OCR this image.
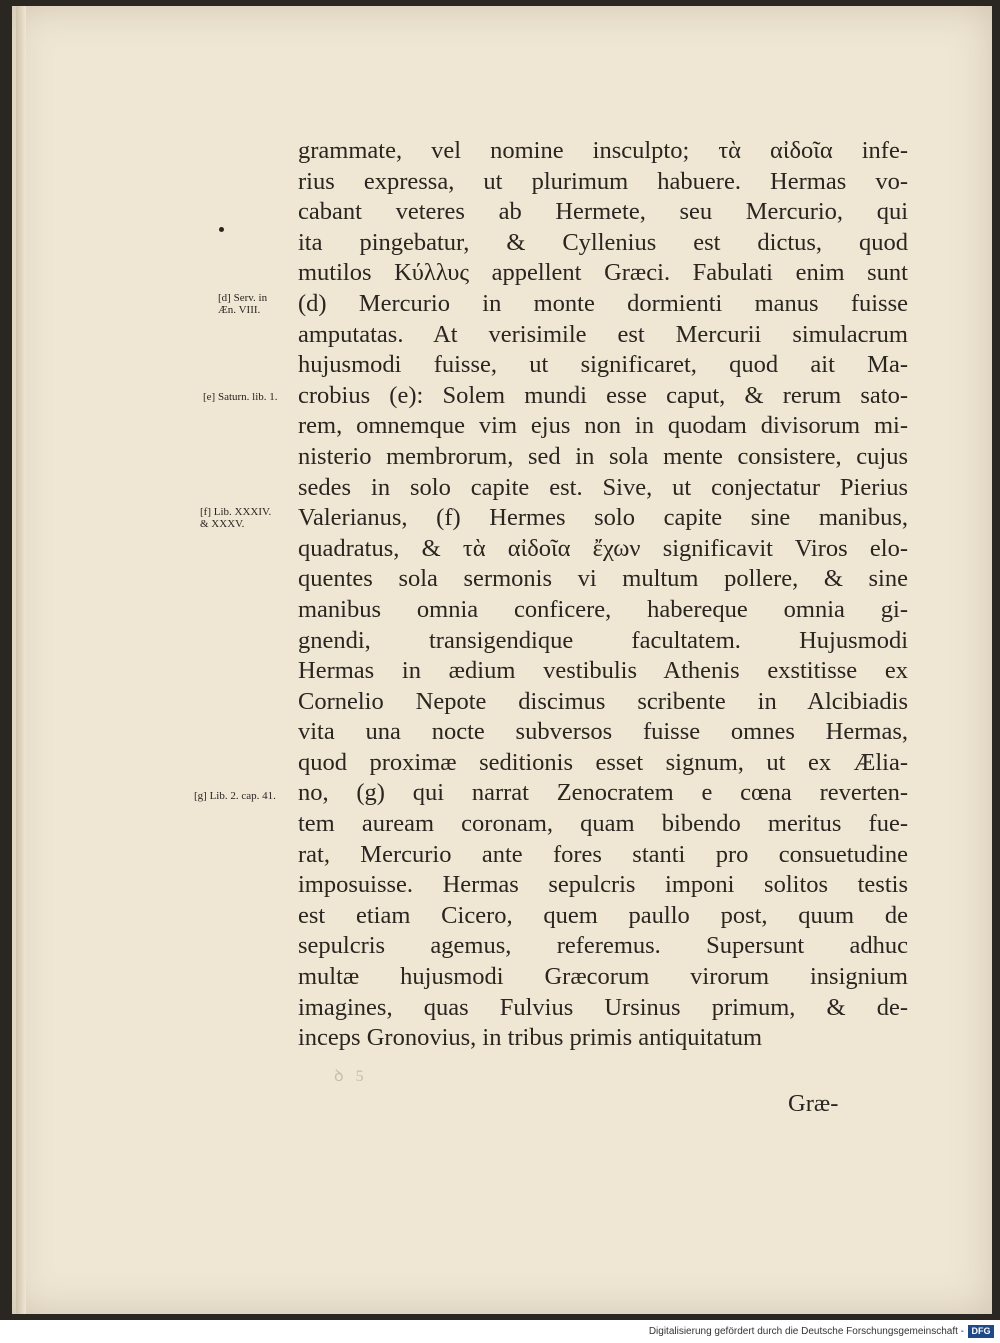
[d] Serv. in
Æn. VIII.
[e] Saturn. lib. 1.
[f] Lib. XXXIV.
& XXXV.
[g] Lib. 2. cap. 41.
grammate, vel nomine insculpto; τὰ αἰδοῖα infe-
rius expressa, ut plurimum habuere. Hermas vo-
cabant veteres ab Hermete, seu Mercurio, qui
ita pingebatur, & Cyllenius est dictus, quod
mutilos Κύλλυς appellent Græci. Fabulati enim sunt
(d) Mercurio in monte dormienti manus fuisse
amputatas. At verisimile est Mercurii simulacrum
hujusmodi fuisse, ut significaret, quod ait Ma-
crobius (e): Solem mundi esse caput, & rerum sato-
rem, omnemque vim ejus non in quodam divisorum mi-
nisterio membrorum, sed in sola mente consistere, cujus
sedes in solo capite est. Sive, ut conjectatur Pierius
Valerianus, (f) Hermes solo capite sine manibus,
quadratus, & τὰ αἰδοῖα ἔχων significavit Viros elo-
quentes sola sermonis vi multum pollere, & sine
manibus omnia conficere, habereque omnia gi-
gnendi, transigendique facultatem. Hujusmodi
Hermas in ædium vestibulis Athenis exstitisse ex
Cornelio Nepote discimus scribente in Alcibiadis
vita una nocte subversos fuisse omnes Hermas,
quod proximæ seditionis esset signum, ut ex Ælia-
no, (g) qui narrat Zenocratem e cœna reverten-
tem auream coronam, quam bibendo meritus fue-
rat, Mercurio ante fores stanti pro consuetudine
imposuisse. Hermas sepulcris imponi solitos testis
est etiam Cicero, quem paullo post, quum de
sepulcris agemus, referemus. Supersunt adhuc
multæ hujusmodi Græcorum virorum insignium
imagines, quas Fulvius Ursinus primum, & de-
inceps Gronovius, in tribus primis antiquitatum
ꝺ 5
Græ-
Digitalisierung gefördert durch die Deutsche Forschungsgemeinschaft - DFG
